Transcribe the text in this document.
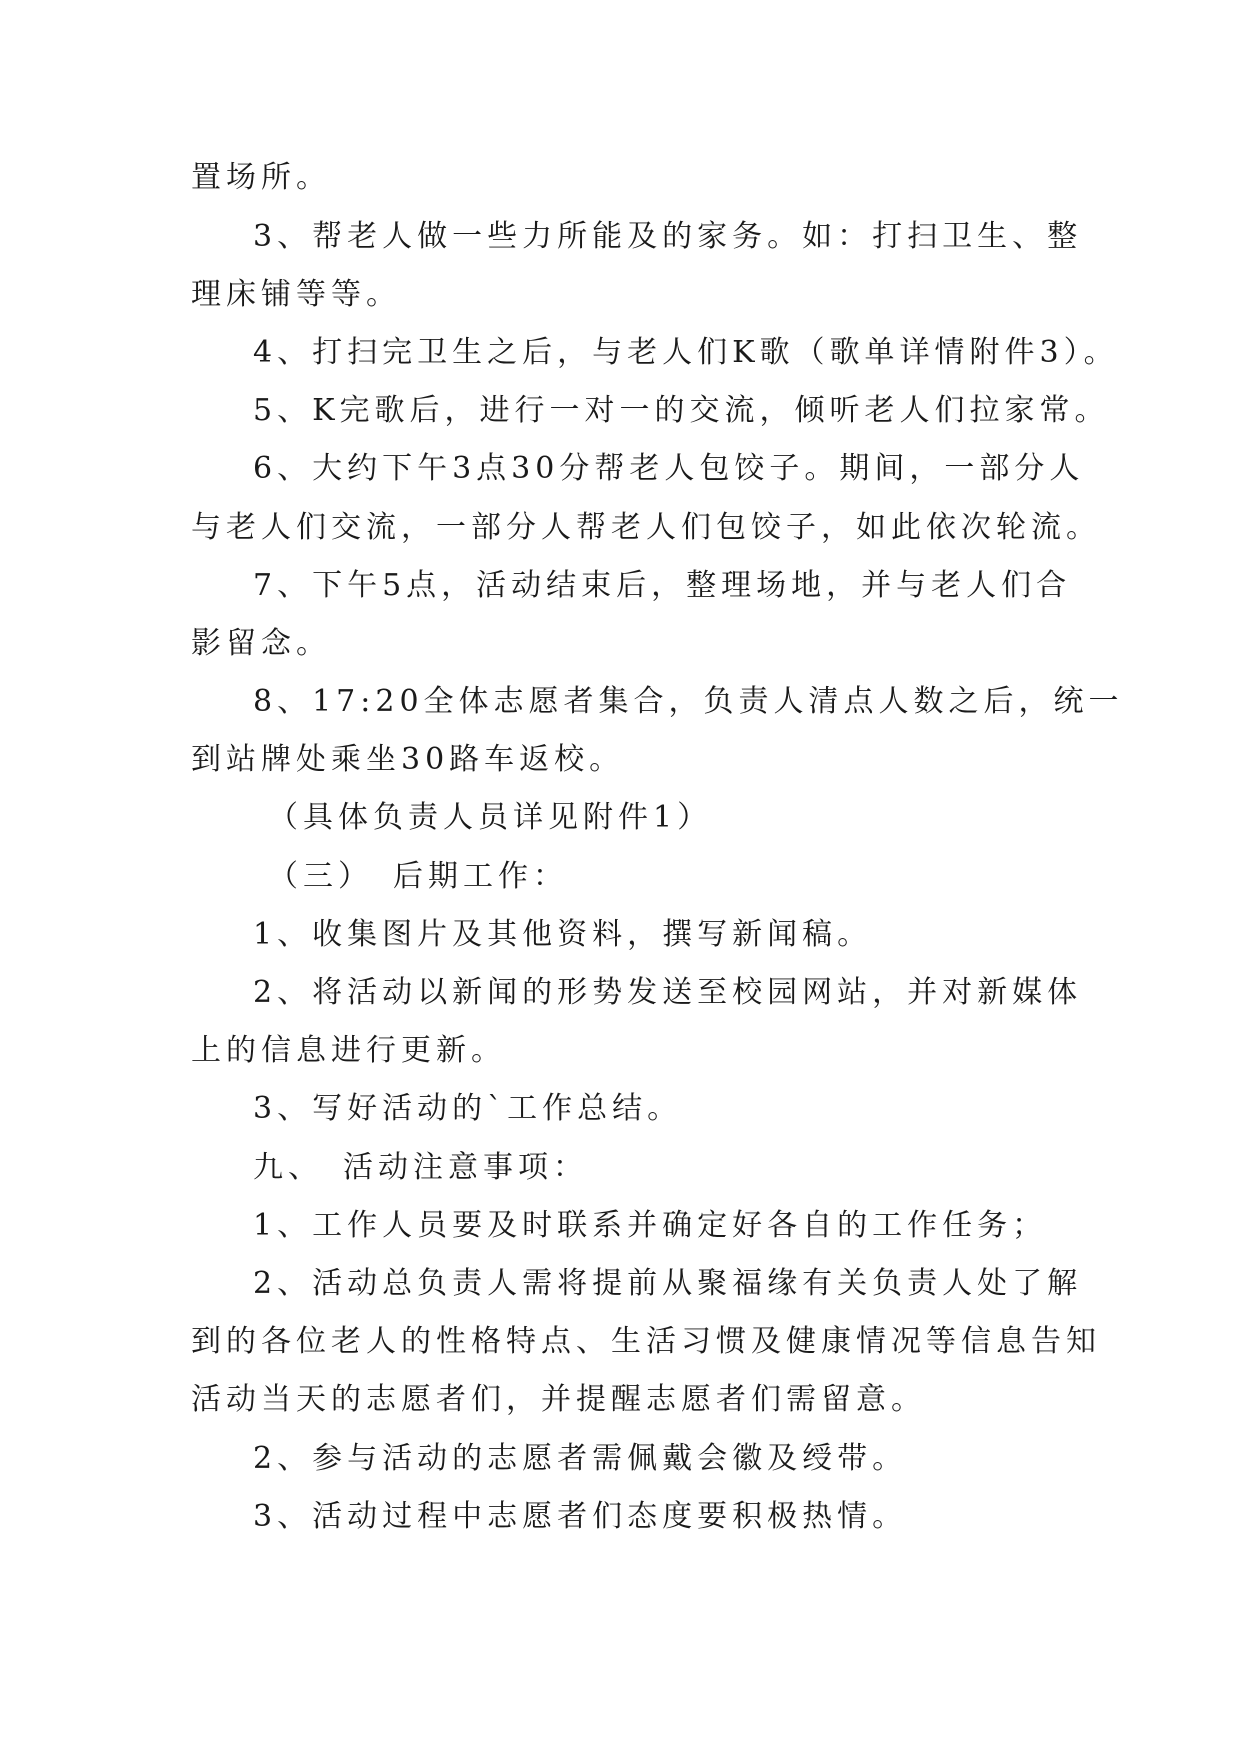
置场所。
3、帮老人做一些力所能及的家务。如：打扫卫生、整
理床铺等等。
4、打扫完卫生之后，与老人们K歌（歌单详情附件3）。
5、K完歌后，进行一对一的交流，倾听老人们拉家常。
6、大约下午3点30分帮老人包饺子。期间，一部分人
与老人们交流，一部分人帮老人们包饺子，如此依次轮流。
7、下午5点，活动结束后，整理场地，并与老人们合
影留念。
8、17:20全体志愿者集合，负责人清点人数之后，统一
到站牌处乘坐30路车返校。
（具体负责人员详见附件1）
（三）　后期工作：
1、收集图片及其他资料，撰写新闻稿。
2、将活动以新闻的形势发送至校园网站，并对新媒体
上的信息进行更新。
3、写好活动的`工作总结。
九、　活动注意事项：
1、工作人员要及时联系并确定好各自的工作任务；
2、活动总负责人需将提前从聚福缘有关负责人处了解
到的各位老人的性格特点、生活习惯及健康情况等信息告知
活动当天的志愿者们，并提醒志愿者们需留意。
2、参与活动的志愿者需佩戴会徽及绶带。
3、活动过程中志愿者们态度要积极热情。
